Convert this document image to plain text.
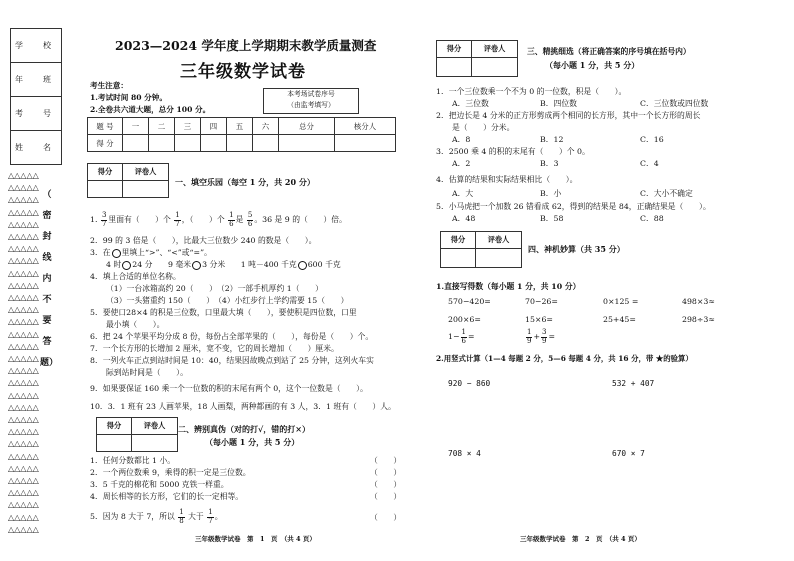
学　校
年　班
考　号
姓　名
△△△△△
△△△△△
△△△△△
△△△△△
△△△△△
△△△△△
△△△△△
△△△△△
△△△△△
△△△△△
△△△△△
△△△△△
△△△△△
△△△△△
△△△△△
△△△△△
△△△△△
△△△△△
△△△△△
△△△△△
△△△△△
△△△△△
△△△△△
△△△△△
△△△△△
△△△△△
△△△△△
△△△△△
△△△△△
△△△△△
（
密
封
线
内
不
要
答
题）
2023—2024 学年度上学期期末教学质量测查
三年级数学试卷
考生注意：
1.考试时间 80 分钟。
2.全卷共六道大题，总分 100 分。
本考场试卷序号
（由监考填写）
题 号	一	二	三	四	五	六	总分	核分人
得 分								
得分	评卷人

一、填空乐园（每空 1 分，共 20 分）
1. $\frac{3}{7}$ 里面有（　　）个 $\frac{1}{7}$ ，（　　）个 $\frac{1}{6}$ 是 $\frac{5}{6}$ 。36 是 9 的（　　）倍。
2．99 的 3 倍是（　　），比最大三位数少 240 的数是（　　）。
3．在 里填上“>”、“<”或“=”。
4 时 24 分　　9 毫米 3 分米　　1 吨－400 千克 600 千克
4．填上合适的单位名称。
（1）一台冰箱高约 20（　　）　（2）一部手机厚约 1（　　）
（3）一头猪重约 150（　　）　（4）小红步行上学约需要 15（　　）
5．要使口28×4 的积是三位数，口里最大填（　　），要使积是四位数，口里
最小填（　　）。
6．把 24 个苹果平均分成 8 份，每份占全部苹果的（　　），每份是（　　）个。
7．一个长方形的长增加 2 厘米，宽不变，它的周长增加（　　）厘米。
8．一列火车正点到站时间是 10：40，结果因故晚点到站了 25 分钟，这列火车实
际到站时间是（　　）。
9．如果要保证 160 乘一个一位数的积的末尾有两个 0，这个一位数是（　　）。
10．3．1 班有 23 人画苹果，18 人画梨，两种都画的有 3 人，3．1 班有（　　）人。
得分	评卷人
	二、辨别真伪（对的打√，错的打×）
（每小题 1 分，共 5 分）
1．任何分数都比 1 小。	（　　）
2．一个两位数乘 9，乘得的积一定是三位数。	（　　）
3．5 千克的棉花和 5000 克铁一样重。	（　　）
4．周长相等的长方形，它们的长一定相等。	（　　）
5．因为 8 大于 7，所以 $\frac{1}{8}$ 大于 $\frac{1}{7}$ 。	（　　）
三年级数学试卷　第　1　页　（共 4 页）
得分	评卷人
		三、精挑细选（将正确答案的序号填在括号内）
（每小题 1 分，共 5 分）
1．一个三位数乘一个不为 0 的一位数，积是（　　）。
A．三位数	B．四位数	C．三位数或四位数
2．把边长是 4 分米的正方形剪成两个相同的长方形，其中一个长方形的周长
是（　　）分米。
A．8	B．12	C．16
3．2500 乘 4 的积的末尾有（　　）个 0。
A．2	B．3	C．4
4．估算的结果和实际结果相比（　　）。
A．大	B．小	C．大小不确定
5．小马虎把一个加数 26 错看成 62，得到的结果是 84，正确结果是（　　）。
A．48	B．58	C．88
得分	评卷人

四、神机妙算（共 35 分）
1.直接写得数（每小题 1 分，共 10 分）
570−420=	70−26=	0×125 =	498×3≈
200×6=	15×6=	25+45=	298÷3≈
$1- \frac{1}{6}$ =	$\frac{1}{9} + \frac{3}{9}$ =
2.用竖式计算（1—4 每题 2 分，5—6 每题 4 分，共 16 分，带 ★的验算）
920 − 860	532 + 407
708 × 4	670 × 7
三年级数学试卷　第　2　页　（共 4 页）
